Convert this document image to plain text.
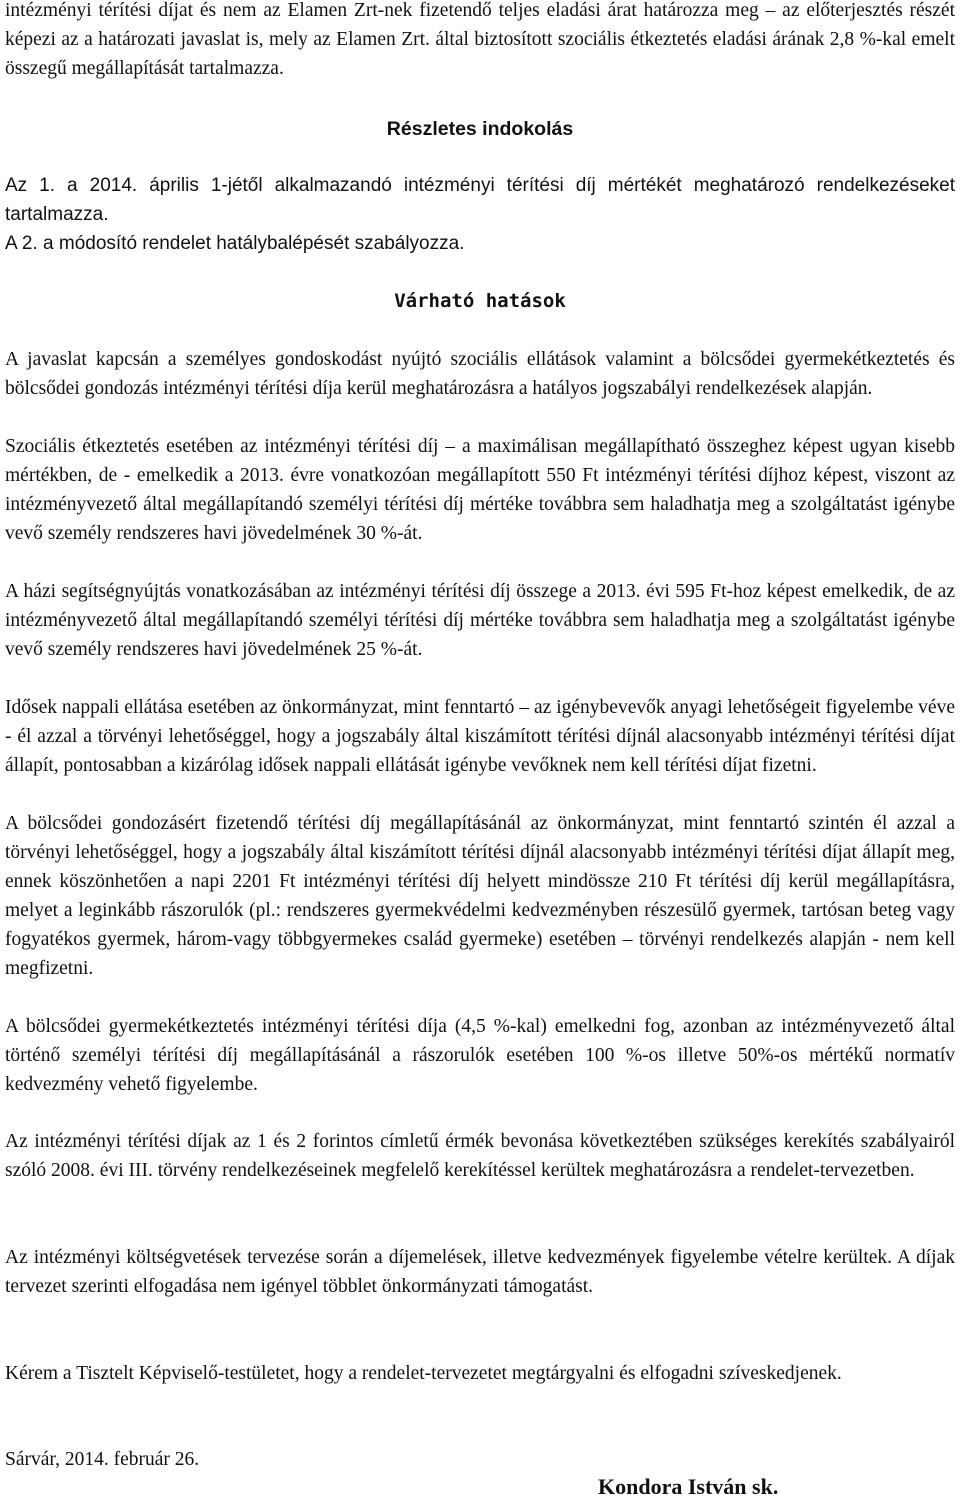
intézményi térítési díjat és nem az Elamen Zrt-nek fizetendő teljes eladási árat határozza meg – az előterjesztés részét képezi az a határozati javaslat is, mely az Elamen Zrt. által biztosított szociális étkeztetés eladási árának 2,8 %-kal emelt összegű megállapítását tartalmazza.

Részletes indokolás

Az 1. a 2014. április 1-jétől alkalmazandó intézményi térítési díj mértékét meghatározó rendelkezéseket tartalmazza.

A 2. a módosító rendelet hatálybalépését szabályozza.

Várható hatások

A javaslat kapcsán a személyes gondoskodást nyújtó szociális ellátások valamint a bölcsődei gyermekétkeztetés és bölcsődei gondozás intézményi térítési díja kerül meghatározásra a hatályos jogszabályi rendelkezések alapján.

Szociális étkeztetés esetében az intézményi térítési díj – a maximálisan megállapítható összeghez képest ugyan kisebb mértékben, de - emelkedik a 2013. évre vonatkozóan megállapított 550 Ft intézményi térítési díjhoz képest, viszont az intézményvezető által megállapítandó személyi térítési díj mértéke továbbra sem haladhatja meg a szolgáltatást igénybe vevő személy rendszeres havi jövedelmének 30 %-át.

A házi segítségnyújtás vonatkozásában az intézményi térítési díj összege a 2013. évi 595 Ft-hoz képest emelkedik, de az intézményvezető által megállapítandó személyi térítési díj mértéke továbbra sem haladhatja meg a szolgáltatást igénybe vevő személy rendszeres havi jövedelmének 25 %-át.

Idősek nappali ellátása esetében az önkormányzat, mint fenntartó – az igénybevevők anyagi lehetőségeit figyelembe véve - él azzal a törvényi lehetőséggel, hogy a jogszabály által kiszámított térítési díjnál alacsonyabb intézményi térítési díjat állapít, pontosabban a kizárólag idősek nappali ellátását igénybe vevőknek nem kell térítési díjat fizetni.

A bölcsődei gondozásért fizetendő térítési díj megállapításánál az önkormányzat, mint fenntartó szintén él azzal a törvényi lehetőséggel, hogy a jogszabály által kiszámított térítési díjnál alacsonyabb intézményi térítési díjat állapít meg, ennek köszönhetően a napi 2201 Ft intézményi térítési díj helyett mindössze 210 Ft térítési díj kerül megállapításra, melyet a leginkább rászorulók (pl.: rendszeres gyermekvédelmi kedvezményben részesülő gyermek, tartósan beteg vagy fogyatékos gyermek, három-vagy többgyermekes család gyermeke) esetében – törvényi rendelkezés alapján - nem kell megfizetni.

A bölcsődei gyermekétkeztetés intézményi térítési díja (4,5 %-kal) emelkedni fog, azonban az intézményvezető által történő személyi térítési díj megállapításánál a rászorulók esetében 100 %-os illetve 50%-os mértékű normatív kedvezmény vehető figyelembe.

Az intézményi térítési díjak az 1 és 2 forintos címletű érmék bevonása következtében szükséges kerekítés szabályairól szóló 2008. évi III. törvény rendelkezéseinek megfelelő kerekítéssel kerültek meghatározásra a rendelet-tervezetben.

Az intézményi költségvetések tervezése során a díjemelések, illetve kedvezmények figyelembe vételre kerültek. A díjak tervezet szerinti elfogadása nem igényel többlet önkormányzati támogatást.

Kérem a Tisztelt Képviselő-testületet, hogy a rendelet-tervezetet megtárgyalni és elfogadni szíveskedjenek.

Sárvár, 2014. február 26.

Kondora István sk.
